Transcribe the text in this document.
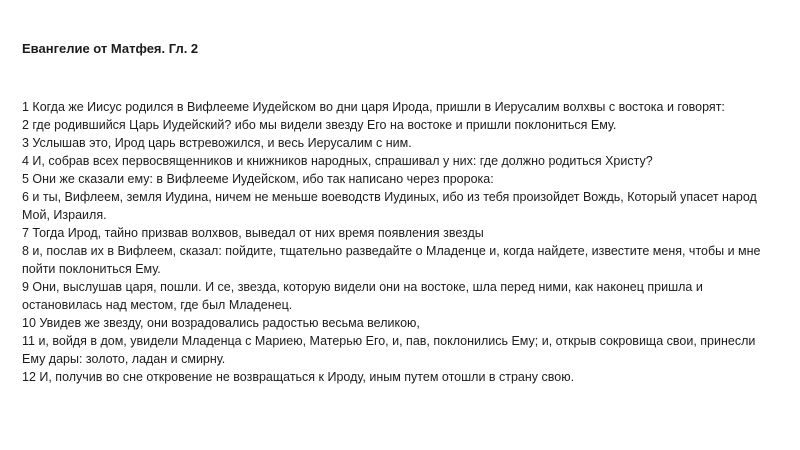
Евангелие от Матфея. Гл. 2

1 Когда же Иисус родился в Вифлееме Иудейском во дни царя Ирода, пришли в Иерусалим волхвы с востока и говорят:

2 где родившийся Царь Иудейский? ибо мы видели звезду Его на востоке и пришли поклониться Ему.

3 Услышав это, Ирод царь встревожился, и весь Иерусалим с ним.

4 И, собрав всех первосвященников и книжников народных, спрашивал у них: где должно родиться Христу?

5 Они же сказали ему: в Вифлееме Иудейском, ибо так написано через пророка:

6 и ты, Вифлеем, земля Иудина, ничем не меньше воеводств Иудиных, ибо из тебя произойдет Вождь, Который упасет народ Мой, Израиля.

7 Тогда Ирод, тайно призвав волхвов, выведал от них время появления звезды

8 и, послав их в Вифлеем, сказал: пойдите, тщательно разведайте о Младенце и, когда найдете, известите меня, чтобы и мне пойти поклониться Ему.

9 Они, выслушав царя, пошли. И се, звезда, которую видели они на востоке, шла перед ними, как наконец пришла и остановилась над местом, где был Младенец.

10 Увидев же звезду, они возрадовались радостью весьма великою,

11 и, войдя в дом, увидели Младенца с Мариею, Матерью Его, и, пав, поклонились Ему; и, открыв сокровища свои, принесли Ему дары: золото, ладан и смирну.

12 И, получив во сне откровение не возвращаться к Ироду, иным путем отошли в страну свою.
